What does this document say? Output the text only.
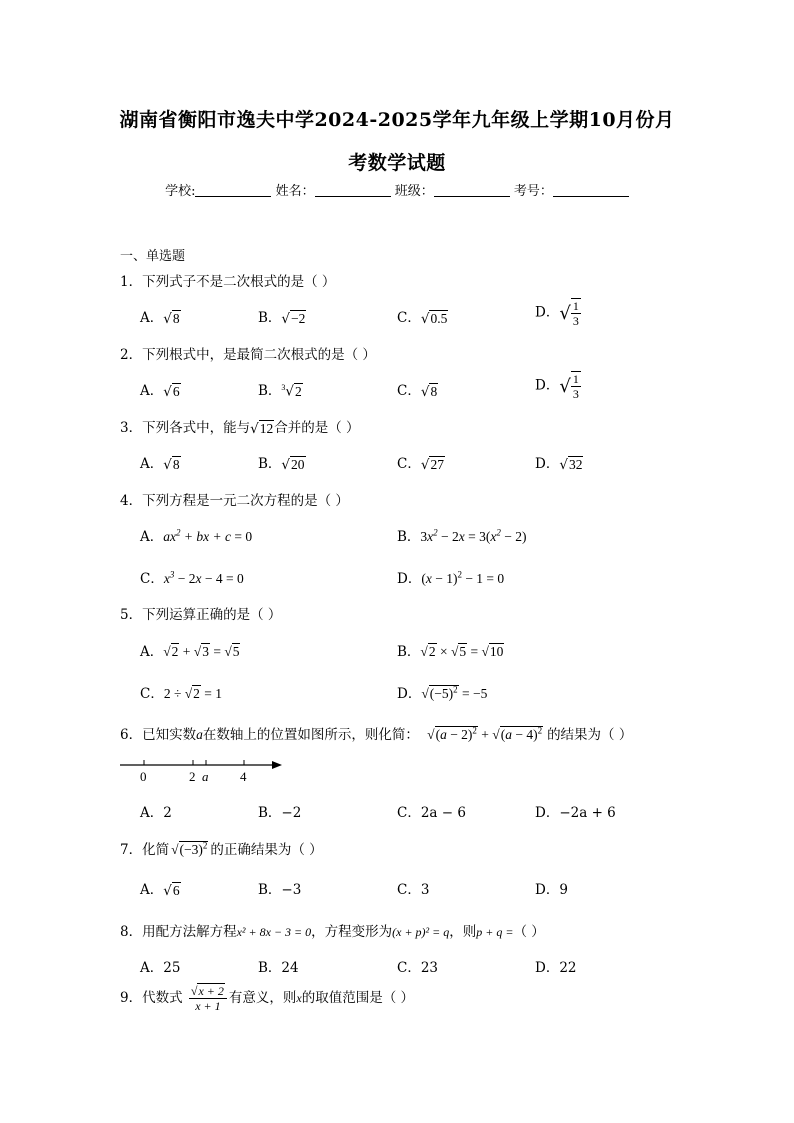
湖南省衡阳市逸夫中学2024-2025学年九年级上学期10月份月
考数学试题
学校:	姓名：	班级：	考号：
一、单选题
1．下列式子不是二次根式的是（ ）
A．√8	B．√−2	C．√0.5	D．√ $\frac{1}{3}$
2．下列根式中，是最简二次根式的是（ ）
A．√6	B．$^3$√2	C．√8	D．√ $\frac{1}{3}$
3．下列各式中，能与√12合并的是（ ）
A．√8	B．√20	C．√27	D．√32
4．下列方程是一元二次方程的是（ ）
A．$ax^2$ + bx + c = 0	B．$3x^2 - 2x = 3(x^2 - 2)$
C．$x^3 - 2x - 4 = 0$	D．$(x - 1)^2 - 1 = 0$
5．下列运算正确的是（ ）
A．√2 + √3 = √5	B．√2 × √5 = √10
C．2 ÷ √2 = 1	D．$√(-5)^2 = -5$
6．已知实数a在数轴上的位置如图所示，则化简： $√(a - 2)^2 + √(a - 4)^2$ 的结果为（ ）
0	2 a 4
A．2	B．−2	C．2a − 6	D．−2a + 6
7．化简 $√(-3)^2$ 的正确结果为（ ）
A．√6	B．−3	C．3	D．9
8．用配方法解方程x² + 8x − 3 = 0，方程变形为(x + p)² = q，则p + q =（ ）
A．25	B．24	C．23	D．22
9．代数式 $\frac{√x + 2}{x + 1}$ 有意义，则x的取值范围是（ ）
